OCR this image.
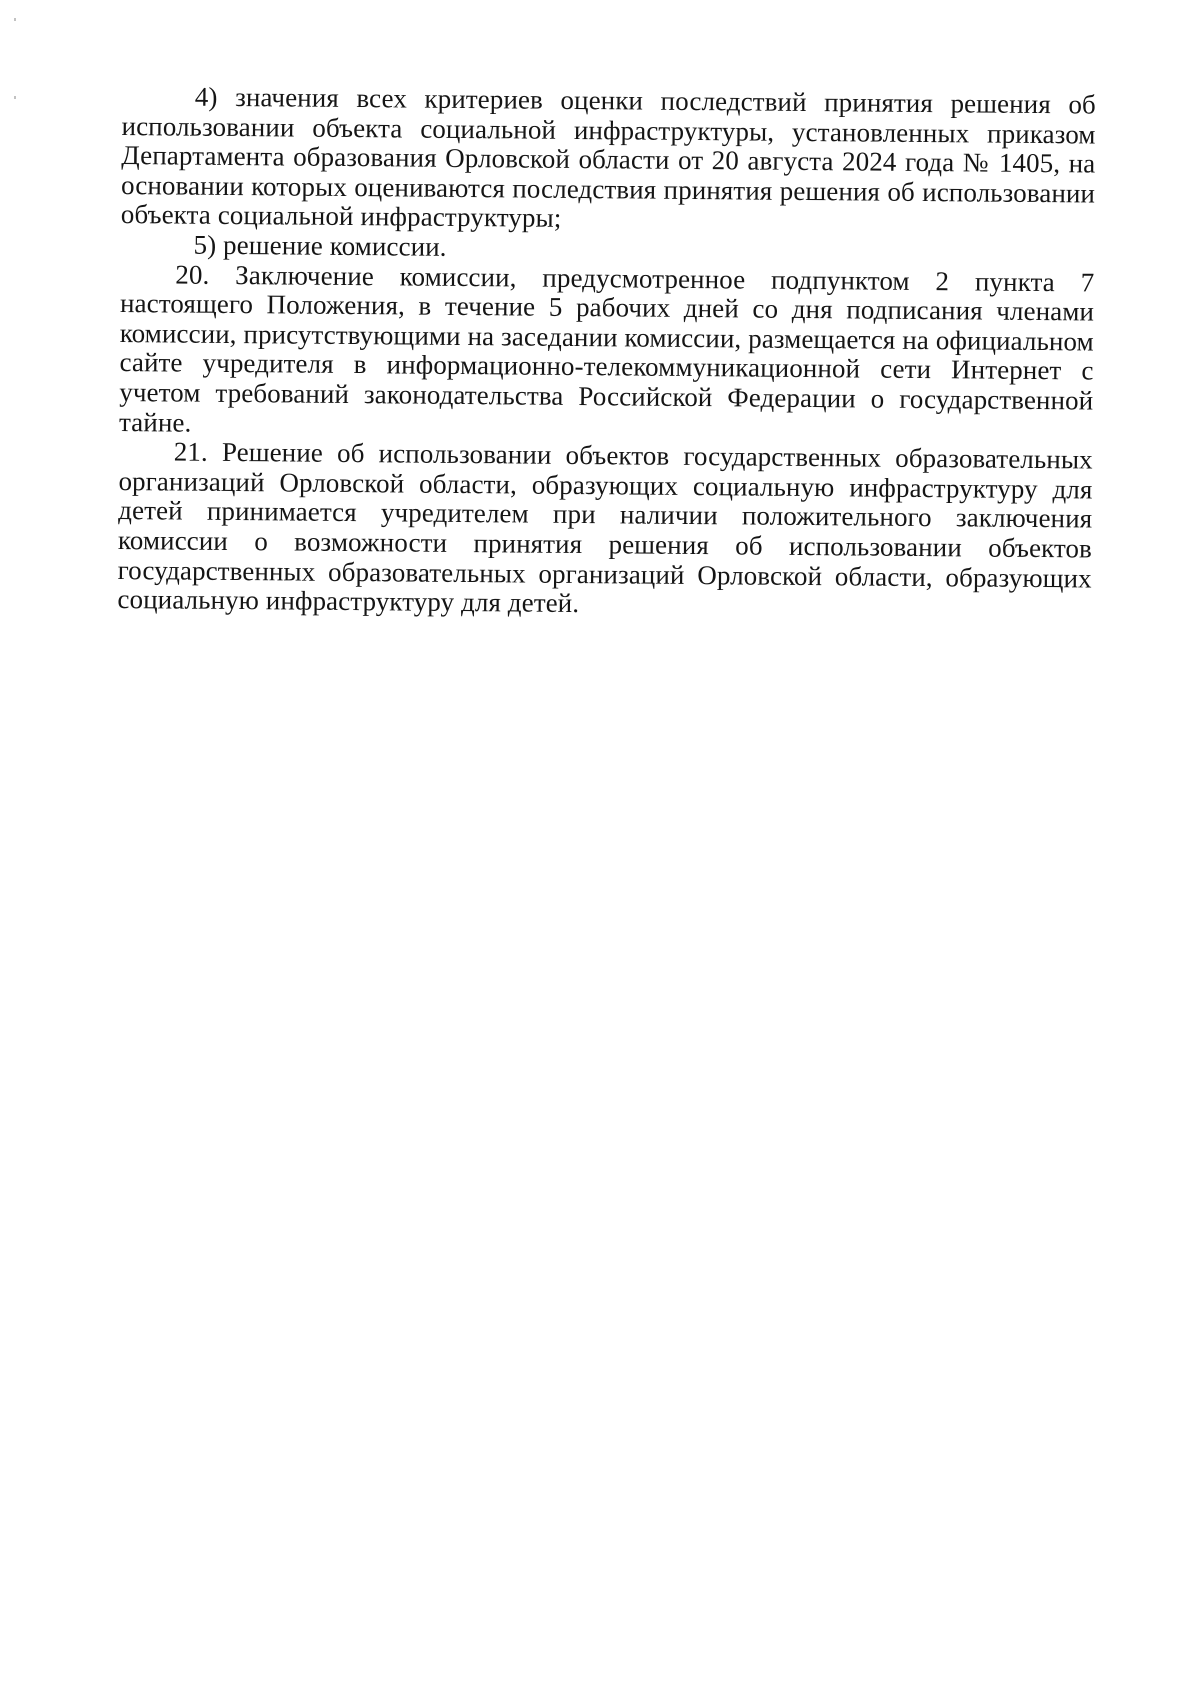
4) значения всех критериев оценки последствий принятия решения об использовании объекта социальной инфраструктуры, установленных приказом Департамента образования Орловской области от 20 августа 2024 года № 1405, на основании которых оцениваются последствия принятия решения об использовании объекта социальной инфраструктуры;

5) решение комиссии.

20. Заключение комиссии, предусмотренное подпунктом 2 пункта 7 настоящего Положения, в течение 5 рабочих дней со дня подписания членами комиссии, присутствующими на заседании комиссии, размещается на официальном сайте учредителя в информационно-телекоммуникационной сети Интернет с учетом требований законодательства Российской Федерации о государственной тайне.

21. Решение об использовании объектов государственных образовательных организаций Орловской области, образующих социальную инфраструктуру для детей принимается учредителем при наличии положительного заключения комиссии о возможности принятия решения об использовании объектов государственных образовательных организаций Орловской области, образующих социальную инфраструктуру для детей.
